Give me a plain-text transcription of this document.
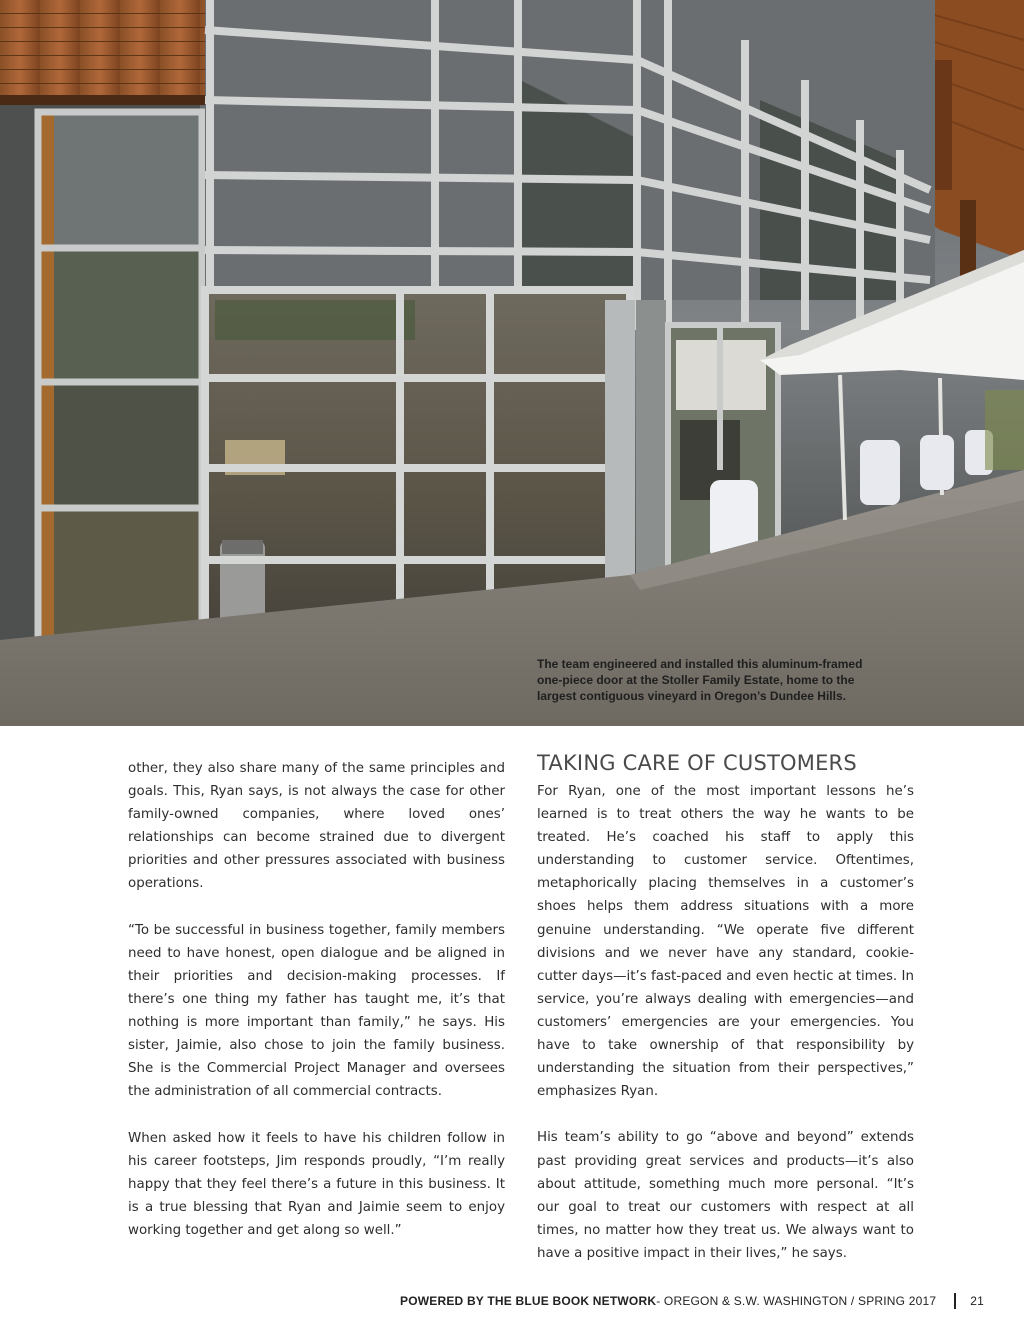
The team engineered and installed this aluminum-framed one-piece door at the Stoller Family Estate, home to the largest contiguous vineyard in Oregon’s Dundee Hills.

other, they also share many of the same principles and goals. This, Ryan says, is not always the case for other family-owned companies, where loved ones’ relationships can become strained due to divergent priorities and other pressures associated with business operations.

“To be successful in business together, family members need to have honest, open dialogue and be aligned in their priorities and decision-making processes. If there’s one thing my father has taught me, it’s that nothing is more important than family,” he says. His sister, Jaimie, also chose to join the family business. She is the Commercial Project Manager and oversees the administration of all commercial contracts.

When asked how it feels to have his children follow in his career footsteps, Jim responds proudly, “I’m really happy that they feel there’s a future in this business. It is a true blessing that Ryan and Jaimie seem to enjoy working together and get along so well.”

TAKING CARE OF CUSTOMERS

For Ryan, one of the most important lessons he’s learned is to treat others the way he wants to be treated. He’s coached his staff to apply this understanding to customer service. Oftentimes, metaphorically placing themselves in a customer’s shoes helps them address situations with a more genuine understanding. “We operate five different divisions and we never have any standard, cookie-cutter days—it’s fast-paced and even hectic at times. In service, you’re always dealing with emergencies—and customers’ emergencies are your emergencies. You have to take ownership of that responsibility by understanding the situation from their perspectives,” emphasizes Ryan.

His team’s ability to go “above and beyond” extends past providing great services and products—it’s also about attitude, something much more personal. “It’s our goal to treat our customers with respect at all times, no matter how they treat us. We always want to have a positive impact in their lives,” he says.

POWERED BY THE BLUE BOOK NETWORK - OREGON & S.W. WASHINGTON / SPRING 2017	21
